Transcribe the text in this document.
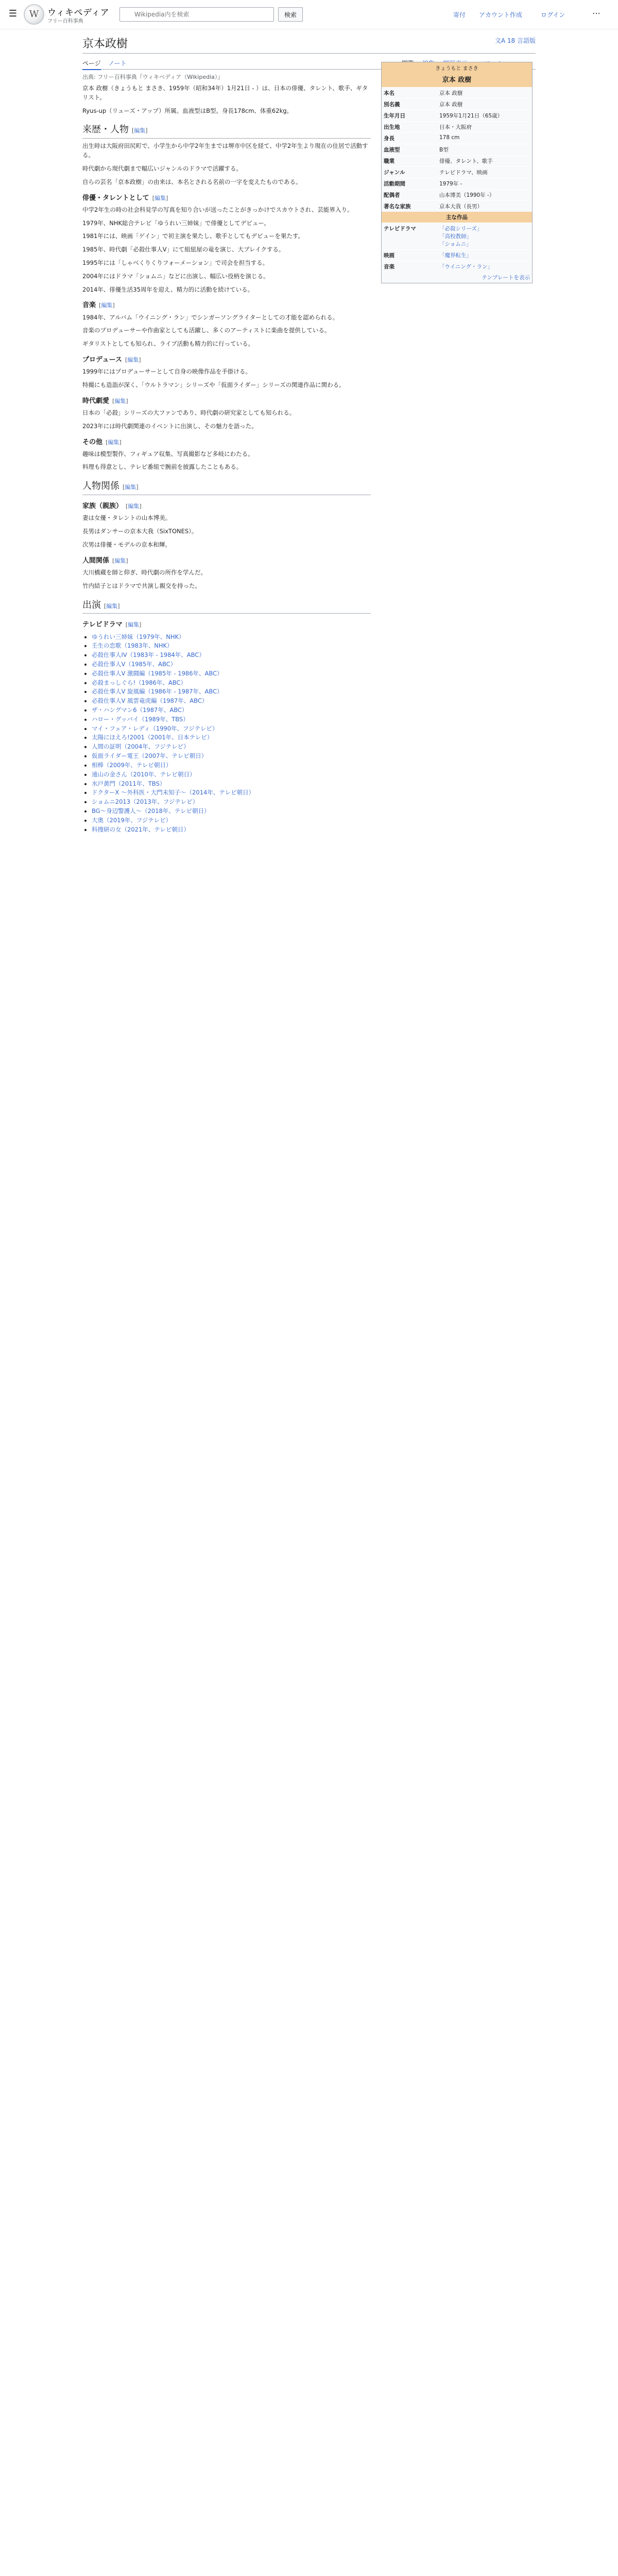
☰	W ウィキペディア
フリー百科事典
Wikipedia内を検索
検索	寄付 アカウント作成	ログイン	⋯
京本政樹	文A 18 言語版
ページ ノート
出典: フリー百科事典『ウィキペディア（Wikipedia）』

京本 政樹（きょうもと まさき、1959年（昭和34年）1月21日 - ）は、日本の俳優、タレント、歌手、ギタリスト。

Ryus-up（リューズ・アップ）所属。血液型はB型。身長178cm、体重62kg。

来歴・人物 [編集]

出生時は大阪府田尻町で、小学生から中学2年生までは堺市中区を経て、中学2年生より現在の住居で活動する。

時代劇から現代劇まで幅広いジャンルのドラマで活躍する。

自らの芸名「京本政樹」の由来は、本名とされる名前の一字を変えたものである。

俳優・タレントとして [編集]

中学2年生の時の社会科見学の写真を知り合いが送ったことがきっかけでスカウトされ、芸能界入り。

1979年、NHK総合テレビ「ゆうれい三姉妹」で俳優としてデビュー。

1981年には、映画「ゲイン」で初主演を果たし、歌手としてもデビューを果たす。

1985年、時代劇「必殺仕事人V」にて組紐屋の竜を演じ、大ブレイクする。

1995年には「しゃべくりくりフォーメーション」で司会を担当する。

2004年にはドラマ「ショムニ」などに出演し、幅広い役柄を演じる。

2014年、俳優生活35周年を迎え、精力的に活動を続けている。

音楽 [編集]

1984年、アルバム「ウイニング・ラン」でシンガーソングライターとしての才能を認められる。

音楽のプロデューサーや作曲家としても活躍し、多くのアーティストに楽曲を提供している。

ギタリストとしても知られ、ライブ活動も精力的に行っている。

プロデュース [編集]

1999年にはプロデューサーとして自身の映像作品を手掛ける。

特撮にも造詣が深く、「ウルトラマン」シリーズや「仮面ライダー」シリーズの関連作品に関わる。

時代劇愛 [編集]

日本の「必殺」シリーズの大ファンであり、時代劇の研究家としても知られる。

2023年には時代劇関連のイベントに出演し、その魅力を語った。

その他 [編集]

趣味は模型製作、フィギュア収集、写真撮影など多岐にわたる。

料理も得意とし、テレビ番組で腕前を披露したこともある。

人物関係 [編集]
家族（親族） [編集]

妻は女優・タレントの山本博美。

長男はダンサーの京本大我（SixTONES）。

次男は俳優・モデルの京本和輝。

人間関係 [編集]

大川橋蔵を師と仰ぎ、時代劇の所作を学んだ。

竹内結子とはドラマで共演し親交を持った。

出演 [編集]
テレビドラマ [編集]
• ゆうれい三姉妹（1979年、NHK）
• 壬生の恋歌（1983年、NHK）
• 必殺仕事人IV（1983年 - 1984年、ABC）
• 必殺仕事人V（1985年、ABC）
• 必殺仕事人V 激闘編（1985年 - 1986年、ABC）
• 必殺まっしぐら!（1986年、ABC）
• 必殺仕事人V 旋風編（1986年 - 1987年、ABC）
• 必殺仕事人V 風雲竜虎編（1987年、ABC）
• ザ・ハングマン6（1987年、ABC）
• ハロー・グッバイ（1989年、TBS）
• マイ・フェア・レディ（1990年、フジテレビ）
• 太陽にほえろ!2001（2001年、日本テレビ）
• 人間の証明（2004年、フジテレビ）
• 仮面ライダー電王（2007年、テレビ朝日）
• 相棒（2009年、テレビ朝日）
• 遠山の金さん（2010年、テレビ朝日）
• 水戸黄門（2011年、TBS）
• ドクターX 〜外科医・大門未知子〜（2014年、テレビ朝日）
• ショムニ2013（2013年、フジテレビ）
• BG〜身辺警護人〜（2018年、テレビ朝日）
• 大奥（2019年、フジテレビ）
• 科捜研の女（2021年、テレビ朝日）
きょうもと まさき
京本 政樹
本名	京本 政樹
別名義	京本 政樹
生年月日	1959年1月21日（65歳）
出生地	日本・大阪府
身長	178 cm
血液型	B型
職業	俳優、タレント、歌手
ジャンル	テレビドラマ、映画
活動期間	1979年 -
配偶者	山本博美（1990年 -）
著名な家族	京本大我（長男）
主な作品
テレビドラマ	「必殺シリーズ」
「高校教師」
「ショムニ」
映画	「魔界転生」
音楽	「ウイニング・ラン」
テンプレートを表示
